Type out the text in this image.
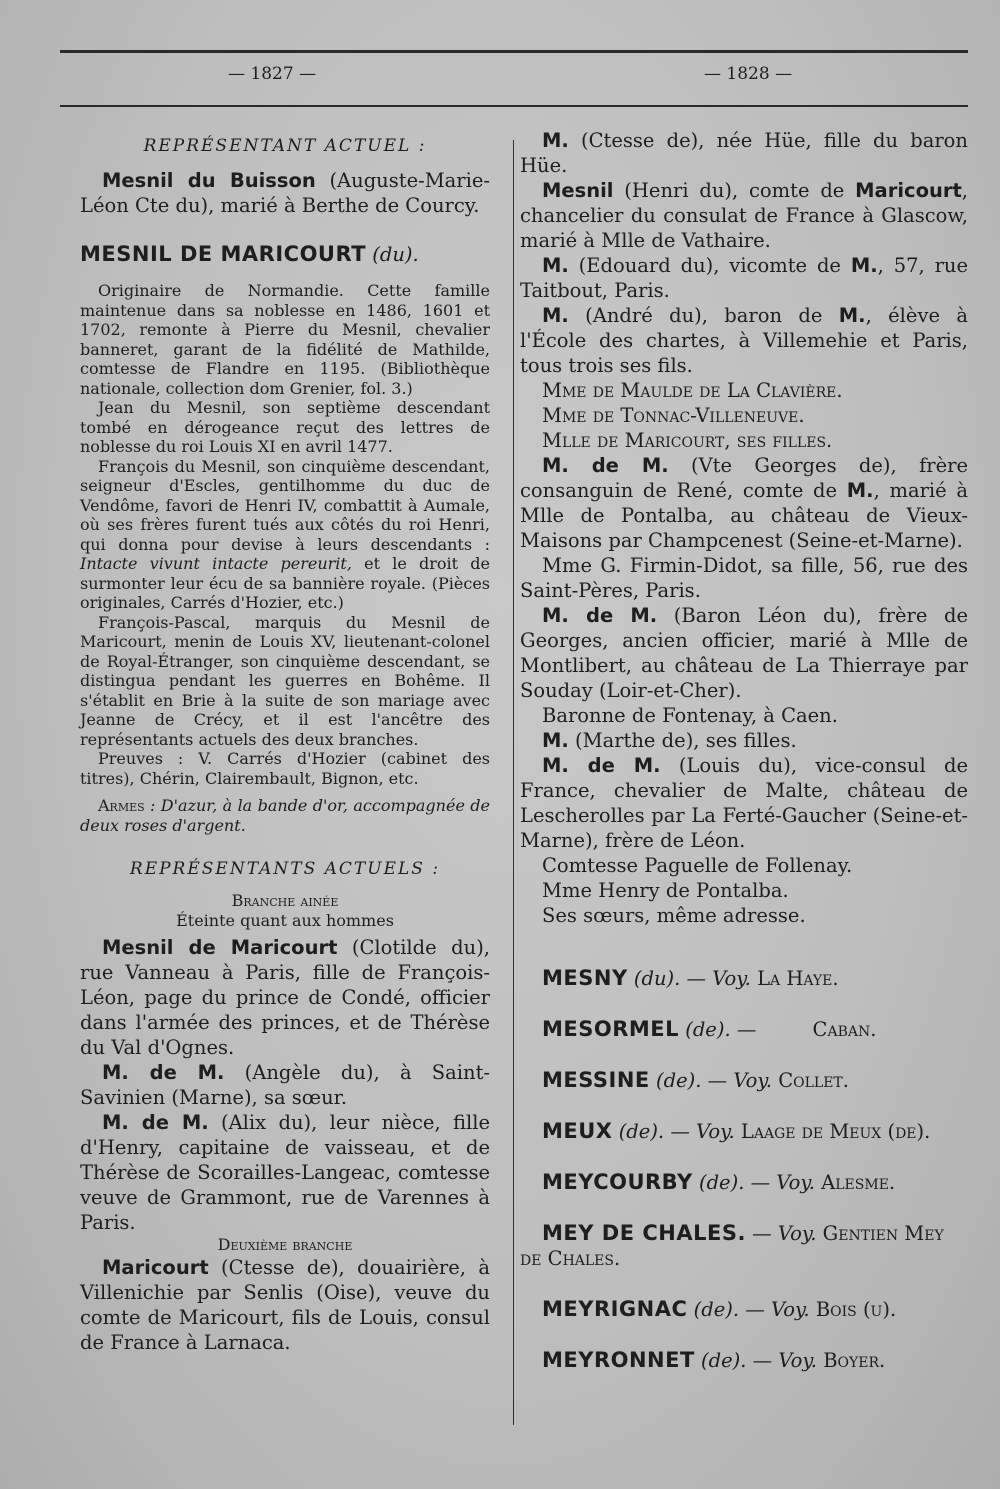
— 1827 —	— 1828 —

REPRÉSENTANT ACTUEL :

Mesnil du Buisson (Auguste-Marie-Léon Cte du), marié à Berthe de Courcy.

MESNIL DE MARICOURT (du).

Originaire de Normandie. Cette famille maintenue dans sa noblesse en 1486, 1601 et 1702, remonte à Pierre du Mesnil, chevalier banneret, garant de la fidélité de Mathilde, comtesse de Flandre en 1195. (Bibliothèque nationale, collection dom Grenier, fol. 3.)

Jean du Mesnil, son septième descendant tombé en dérogeance reçut des lettres de noblesse du roi Louis XI en avril 1477.

François du Mesnil, son cinquième descendant, seigneur d'Escles, gentilhomme du duc de Vendôme, favori de Henri IV, combattit à Aumale, où ses frères furent tués aux côtés du roi Henri, qui donna pour devise à leurs descendants : Intacte vivunt intacte pereurit, et le droit de surmonter leur écu de sa bannière royale. (Pièces originales, Carrés d'Hozier, etc.)

François-Pascal, marquis du Mesnil de Maricourt, menin de Louis XV, lieutenant-colonel de Royal-Étranger, son cinquième descendant, se distingua pendant les guerres en Bohême. Il s'établit en Brie à la suite de son mariage avec Jeanne de Crécy, et il est l'ancêtre des représentants actuels des deux branches.

Preuves : V. Carrés d'Hozier (cabinet des titres), Chérin, Clairembault, Bignon, etc.

Armes : D'azur, à la bande d'or, accompagnée de deux roses d'argent.

REPRÉSENTANTS ACTUELS :

Branche ainée

Éteinte quant aux hommes

Mesnil de Maricourt (Clotilde du), rue Vanneau à Paris, fille de François-Léon, page du prince de Condé, officier dans l'armée des princes, et de Thérèse du Val d'Ognes.

M. de M. (Angèle du), à Saint-Savinien (Marne), sa sœur.

M. de M. (Alix du), leur nièce, fille d'Henry, capitaine de vaisseau, et de Thérèse de Scorailles-Langeac, comtesse veuve de Grammont, rue de Varennes à Paris.

Deuxième branche

Maricourt (Ctesse de), douairière, à Villenichie par Senlis (Oise), veuve du comte de Maricourt, fils de Louis, consul de France à Larnaca.

M. (Ctesse de), née Hüe, fille du baron Hüe.

Mesnil (Henri du), comte de Maricourt, chancelier du consulat de France à Glascow, marié à Mlle de Vathaire.

M. (Edouard du), vicomte de M., 57, rue Taitbout, Paris.

M. (André du), baron de M., élève à l'École des chartes, à Villemehie et Paris, tous trois ses fils.

Mme de Maulde de La Clavière.

Mme de Tonnac-Villeneuve.

Mlle de Maricourt, ses filles.

M. de M. (Vte Georges de), frère consanguin de René, comte de M., marié à Mlle de Pontalba, au château de Vieux-Maisons par Champcenest (Seine-et-Marne).

Mme G. Firmin-Didot, sa fille, 56, rue des Saint-Pères, Paris.

M. de M. (Baron Léon du), frère de Georges, ancien officier, marié à Mlle de Montlibert, au château de La Thierraye par Souday (Loir-et-Cher).

Baronne de Fontenay, à Caen.

M. (Marthe de), ses filles.

M. de M. (Louis du), vice-consul de France, chevalier de Malte, château de Lescherolles par La Ferté-Gaucher (Seine-et-Marne), frère de Léon.

Comtesse Paguelle de Follenay.

Mme Henry de Pontalba.

Ses sœurs, même adresse.

MESNY (du). — Voy. La Haye.

MESORMEL (de). —	Caban.

MESSINE (de). — Voy. Collet.

MEUX (de). — Voy. Laage de Meux (de).

MEYCOURBY (de). — Voy. Alesme.

MEY DE CHALES. — Voy. Gentien Mey de Chales.

MEYRIGNAC (de). — Voy. Bois (u).

MEYRONNET (de). — Voy. Boyer.
